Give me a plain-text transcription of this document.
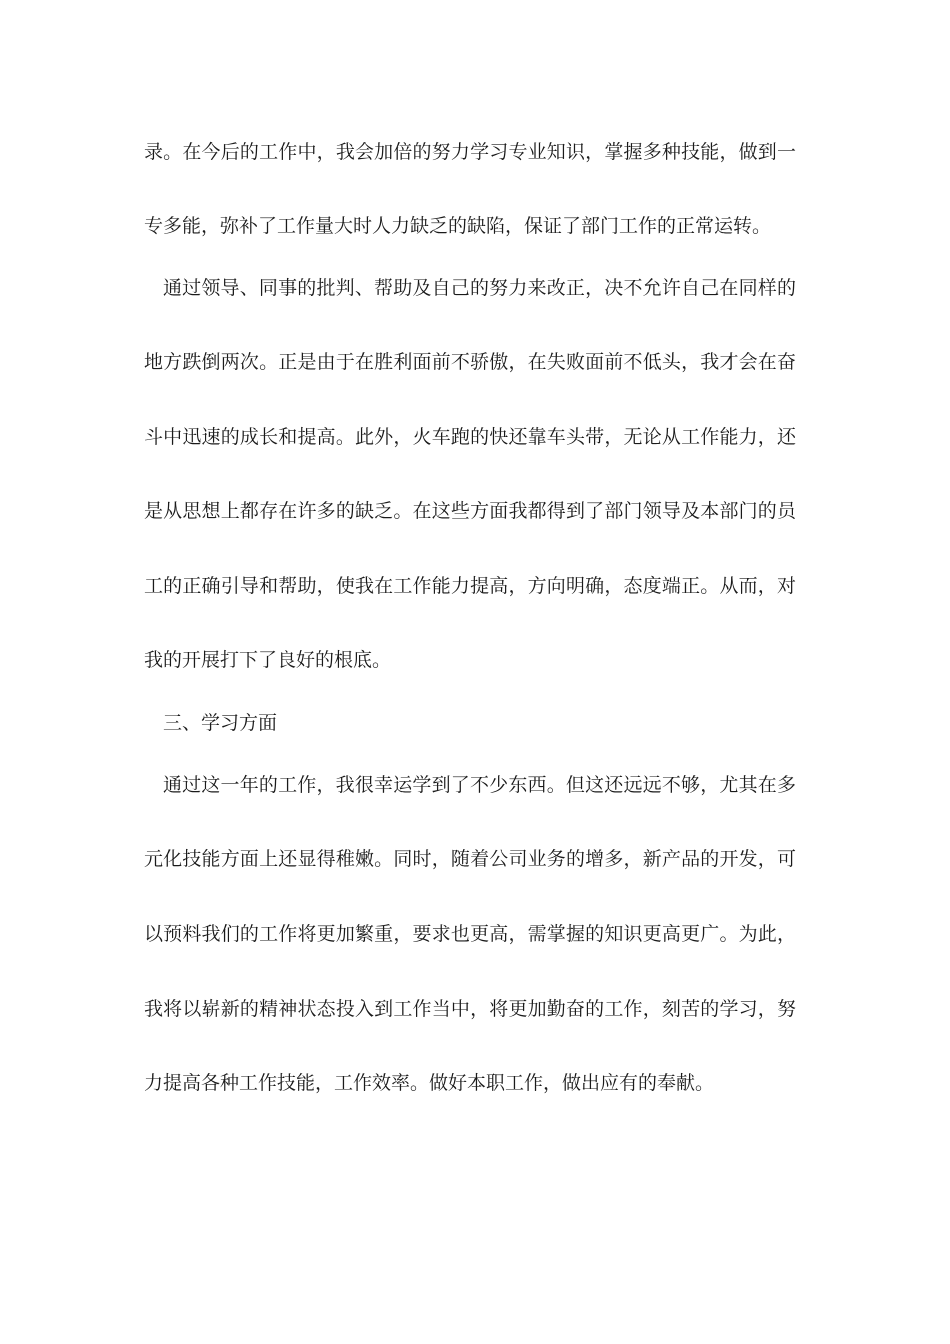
录。在今后的工作中，我会加倍的努力学习专业知识，掌握多种技能，做到一
专多能，弥补了工作量大时人力缺乏的缺陷，保证了部门工作的正常运转。
通过领导、同事的批判、帮助及自己的努力来改正，决不允许自己在同样的
地方跌倒两次。正是由于在胜利面前不骄傲，在失败面前不低头，我才会在奋
斗中迅速的成长和提高。此外，火车跑的快还靠车头带，无论从工作能力，还
是从思想上都存在许多的缺乏。在这些方面我都得到了部门领导及本部门的员
工的正确引导和帮助，使我在工作能力提高，方向明确，态度端正。从而，对
我的开展打下了良好的根底。
三、学习方面
通过这一年的工作，我很幸运学到了不少东西。但这还远远不够，尤其在多
元化技能方面上还显得稚嫩。同时，随着公司业务的增多，新产品的开发，可
以预料我们的工作将更加繁重，要求也更高，需掌握的知识更高更广。为此，
我将以崭新的精神状态投入到工作当中，将更加勤奋的工作，刻苦的学习，努
力提高各种工作技能，工作效率。做好本职工作，做出应有的奉献。
